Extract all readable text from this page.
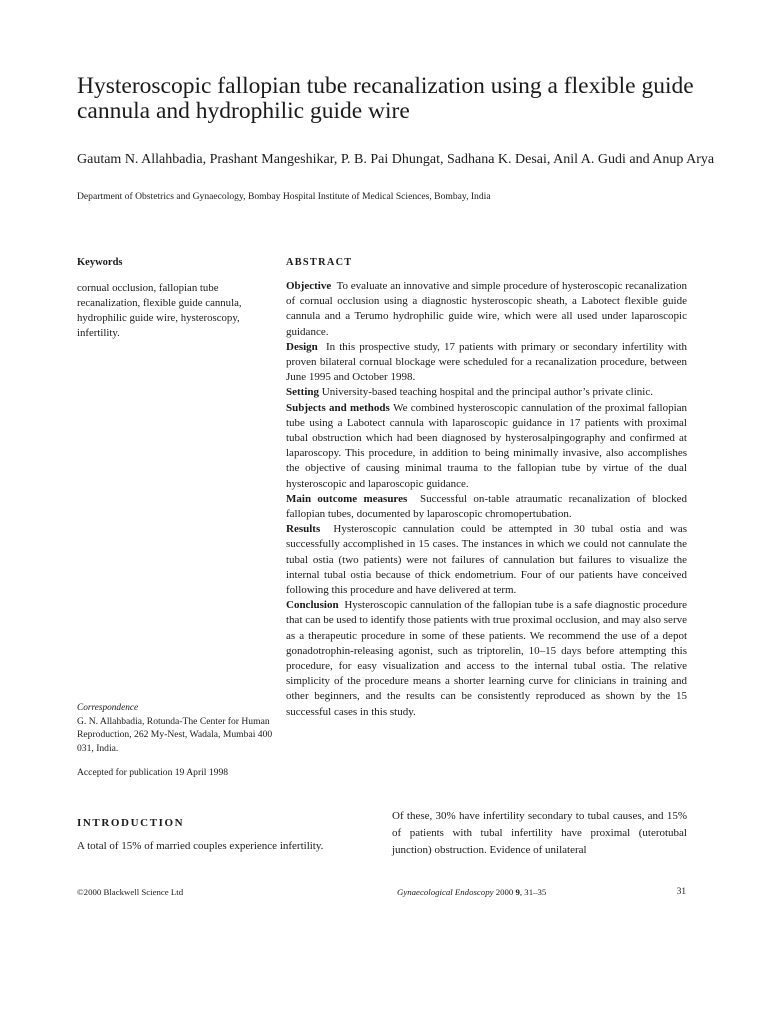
Hysteroscopic fallopian tube recanalization using a flexible guide cannula and hydrophilic guide wire

Gautam N. Allahbadia, Prashant Mangeshikar, P. B. Pai Dhungat, Sadhana K. Desai, Anil A. Gudi and Anup Arya

Department of Obstetrics and Gynaecology, Bombay Hospital Institute of Medical Sciences, Bombay, India

Keywords

cornual occlusion, fallopian tube recanalization, flexible guide cannula, hydrophilic guide wire, hysteroscopy, infertility.

ABSTRACT

Objective To evaluate an innovative and simple procedure of hysteroscopic recanalization of cornual occlusion using a diagnostic hysteroscopic sheath, a Labotect flexible guide cannula and a Terumo hydrophilic guide wire, which were all used under laparoscopic guidance.

Design In this prospective study, 17 patients with primary or secondary infertility with proven bilateral cornual blockage were scheduled for a recanalization procedure, between June 1995 and October 1998.

Setting University-based teaching hospital and the principal author’s private clinic.

Subjects and methods We combined hysteroscopic cannulation of the proximal fallopian tube using a Labotect cannula with laparoscopic guidance in 17 patients with proximal tubal obstruction which had been diagnosed by hysterosalpingography and confirmed at laparoscopy. This procedure, in addition to being minimally invasive, also accomplishes the objective of causing minimal trauma to the fallopian tube by virtue of the dual hysteroscopic and laparoscopic guidance.

Main outcome measures Successful on-table atraumatic recanalization of blocked fallopian tubes, documented by laparoscopic chromopertubation.

Results Hysteroscopic cannulation could be attempted in 30 tubal ostia and was successfully accomplished in 15 cases. The instances in which we could not cannulate the tubal ostia (two patients) were not failures of cannulation but failures to visualize the internal tubal ostia because of thick endometrium. Four of our patients have conceived following this procedure and have delivered at term.

Conclusion Hysteroscopic cannulation of the fallopian tube is a safe diagnostic procedure that can be used to identify those patients with true proximal occlusion, and may also serve as a therapeutic procedure in some of these patients. We recommend the use of a depot gonadotrophin-releasing agonist, such as triptorelin, 10–15 days before attempting this procedure, for easy visualization and access to the internal tubal ostia. The relative simplicity of the procedure means a shorter learning curve for clinicians in training and other beginners, and the results can be consistently reproduced as shown by the 15 successful cases in this study.

Correspondence

G. N. Allahbadia, Rotunda-The Center for Human Reproduction, 262 My-Nest, Wadala, Mumbai 400 031, India.

Accepted for publication 19 April 1998

INTRODUCTION

A total of 15% of married couples experience infertility.

Of these, 30% have infertility secondary to tubal causes, and 15% of patients with tubal infertility have proximal (uterotubal junction) obstruction. Evidence of unilateral

©2000 Blackwell Science Ltd	Gynaecological Endoscopy 2000 9, 31–35	31
